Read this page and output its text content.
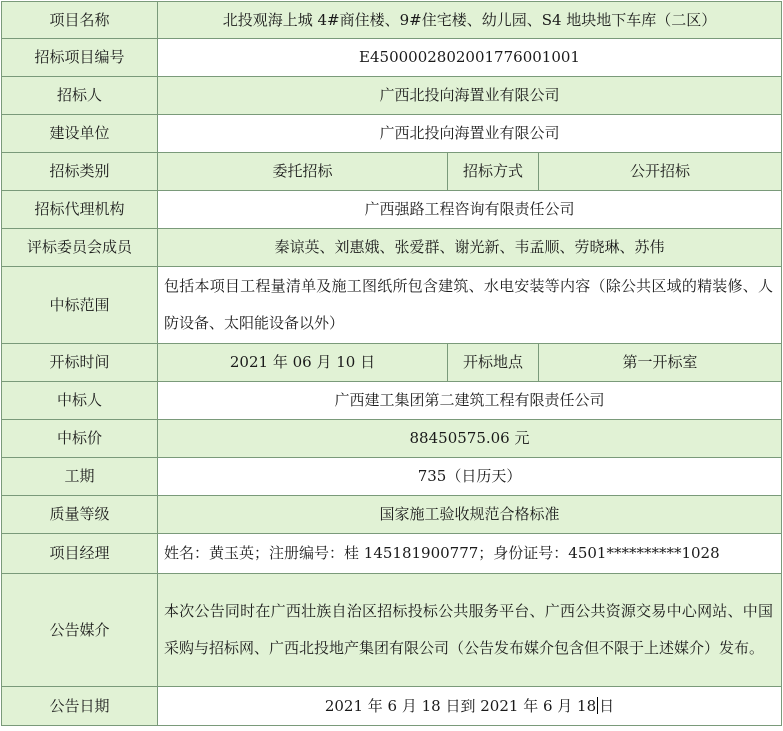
项目名称	北投观海上城 4#商住楼、9#住宅楼、幼儿园、S4 地块地下车库（二区）		
招标项目编号	E4500002802001776001001		
招标人	广西北投向海置业有限公司		
建设单位	广西北投向海置业有限公司		
招标类别	委托招标	招标方式	公开招标
招标代理机构	广西强路工程咨询有限责任公司		
评标委员会成员	秦谅英、刘惠娥、张爱群、谢光新、韦孟顺、劳晓琳、苏伟		
中标范围	包括本项目工程量清单及施工图纸所包含建筑、水电安装等内容（除公共区域的精装修、人防设备、太阳能设备以外）		
开标时间	2021 年 06 月 10 日	开标地点	第一开标室
中标人	广西建工集团第二建筑工程有限责任公司		
中标价	88450575.06 元		
工期	735（日历天）		
质量等级	国家施工验收规范合格标准		
项目经理	姓名：黄玉英；注册编号：桂 145181900777；身份证号：4501**********1028		
公告媒介	本次公告同时在广西壮族自治区招标投标公共服务平台、广西公共资源交易中心网站、中国采购与招标网、广西北投地产集团有限公司（公告发布媒介包含但不限于上述媒介）发布。		
公告日期	2021 年 6 月 18 日到 2021 年 6 月 18 日		
